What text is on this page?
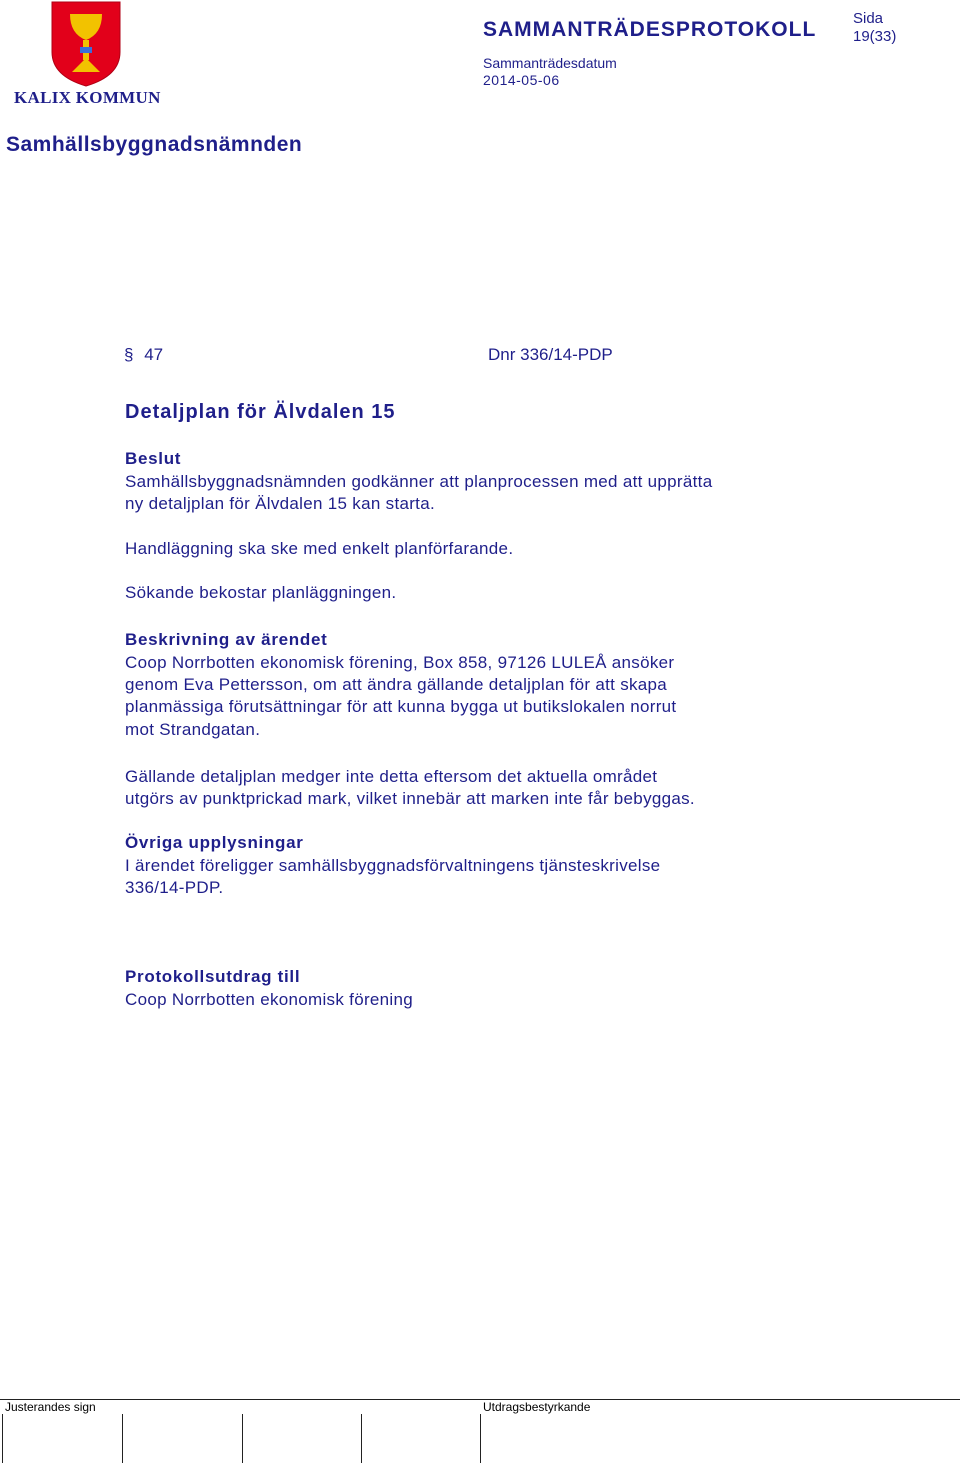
KALIX KOMMUN
SAMMANTRÄDESPROTOKOLL Sida
19(33)
Sammanträdesdatum
2014-05-06
Samhällsbyggnadsnämnden
§ 47	Dnr 336/14-PDP
Detaljplan för Älvdalen 15
Beslut
Samhällsbyggnadsnämnden godkänner att planprocessen med att upprätta
ny detaljplan för Älvdalen 15 kan starta.
Handläggning ska ske med enkelt planförfarande.
Sökande bekostar planläggningen.
Beskrivning av ärendet
Coop Norrbotten ekonomisk förening, Box 858, 97126 LULEÅ ansöker
genom Eva Pettersson, om att ändra gällande detaljplan för att skapa
planmässiga förutsättningar för att kunna bygga ut butikslokalen norrut
mot Strandgatan.
Gällande detaljplan medger inte detta eftersom det aktuella området
utgörs av punktprickad mark, vilket innebär att marken inte får bebyggas.
Övriga upplysningar
I ärendet föreligger samhällsbyggnadsförvaltningens tjänsteskrivelse
336/14-PDP.
Protokollsutdrag till
Coop Norrbotten ekonomisk förening
Justerandes sign	Utdragsbestyrkande
